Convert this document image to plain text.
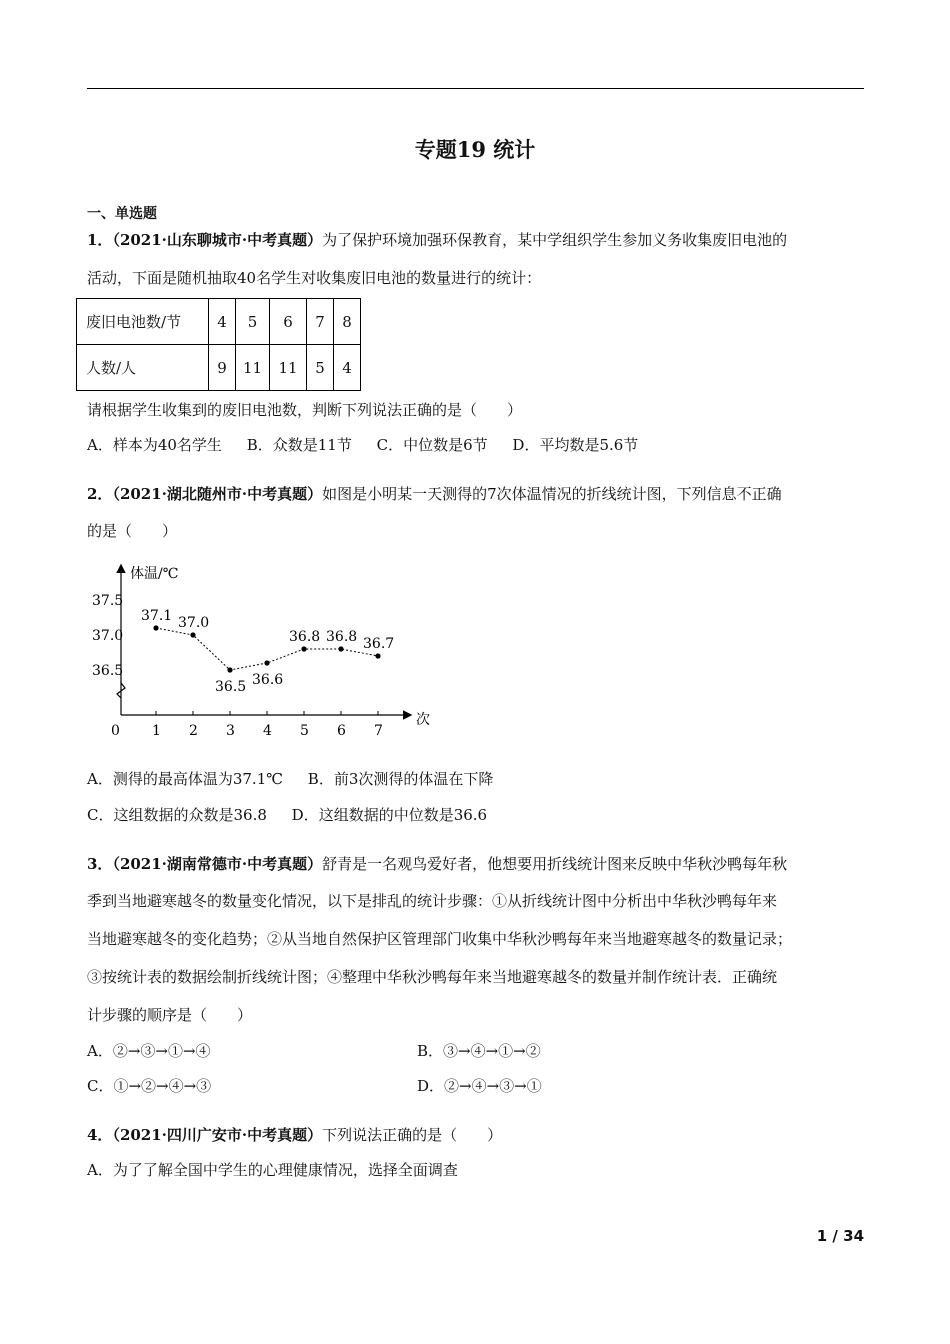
专题19 统计
一、单选题
1．（2021·山东聊城市·中考真题）为了保护环境加强环保教育，某中学组织学生参加义务收集废旧电池的
活动，下面是随机抽取40名学生对收集废旧电池的数量进行的统计：
废旧电池数/节	4	5	6	7	8
人数/人	9	11	11	5	4
请根据学生收集到的废旧电池数，判断下列说法正确的是（　　）
A．样本为40名学生 B．众数是11节 C．中位数是6节 D．平均数是5.6节
2．（2021·湖北随州市·中考真题）如图是小明某一天测得的7次体温情况的折线统计图，下列信息不正确
的是（　　）
体温/℃
次
36.5
37.0
37.5
0 1 2 3 4 5 6 7
37.1 37.0
36.5 36.6
36.8 36.8 36.7
A．测得的最高体温为37.1℃ B．前3次测得的体温在下降
C．这组数据的众数是36.8 D．这组数据的中位数是36.6
3．（2021·湖南常德市·中考真题）舒青是一名观鸟爱好者，他想要用折线统计图来反映中华秋沙鸭每年秋
季到当地避寒越冬的数量变化情况，以下是排乱的统计步骤：①从折线统计图中分析出中华秋沙鸭每年来
当地避寒越冬的变化趋势；②从当地自然保护区管理部门收集中华秋沙鸭每年来当地避寒越冬的数量记录；
③按统计表的数据绘制折线统计图；④整理中华秋沙鸭每年来当地避寒越冬的数量并制作统计表．正确统
计步骤的顺序是（　　）
A．②→③→①→④	B．③→④→①→②
C．①→②→④→③	D．②→④→③→①
4．（2021·四川广安市·中考真题）下列说法正确的是（　　）
A．为了了解全国中学生的心理健康情况，选择全面调查
1 / 34
